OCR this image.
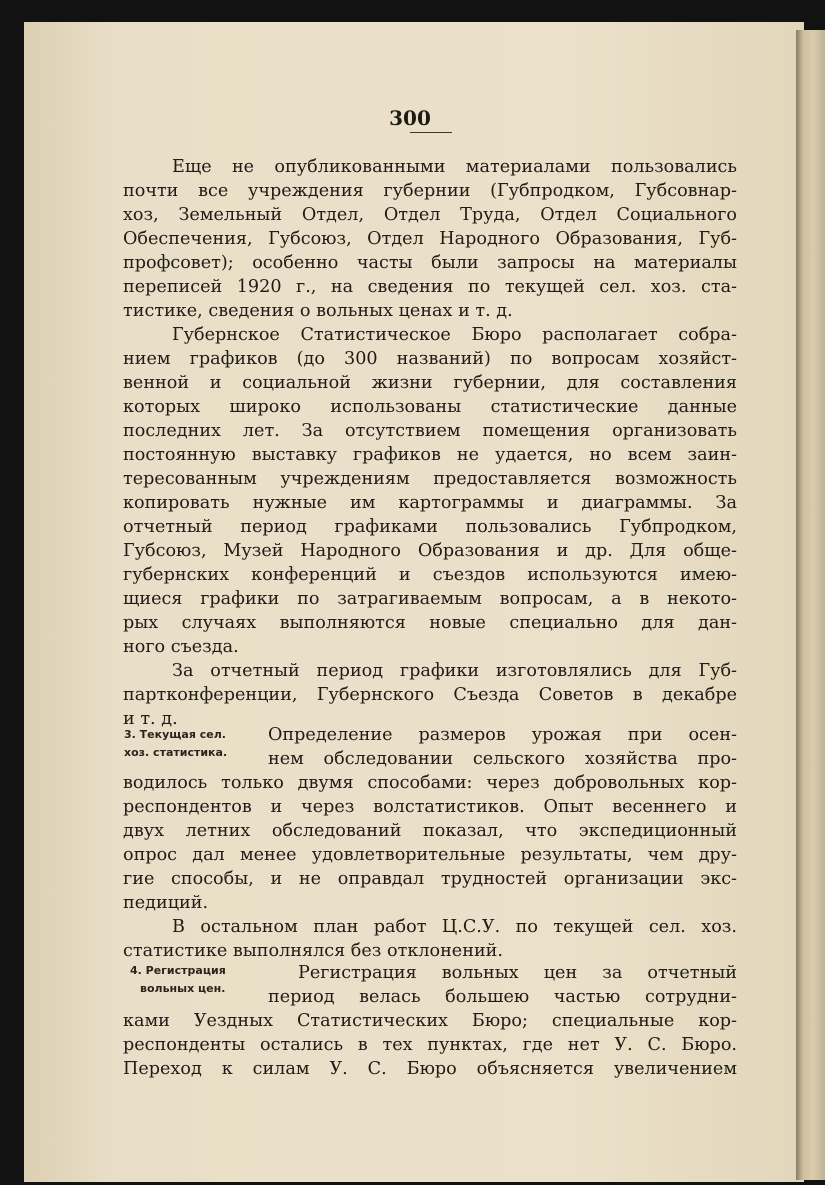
300
Еще не опубликованными материалами пользовались
почти все учреждения губернии (Губпродком, Губсовнар-
хоз, Земельный Отдел, Отдел Труда, Отдел Социального
Обеспечения, Губсоюз, Отдел Народного Образования, Губ-
профсовет); особенно часты были запросы на материалы
переписей 1920 г., на сведения по текущей сел. хоз. ста-
тистике, сведения о вольных ценах и т. д.
Губернское Статистическое Бюро располагает собра-
нием графиков (до 300 названий) по вопросам хозяйст-
венной и социальной жизни губернии, для составления
которых широко использованы статистические данные
последних лет. За отсутствием помещения организовать
постоянную выставку графиков не удается, но всем заин-
тересованным учреждениям предоставляется возможность
копировать нужные им картограммы и диаграммы. За
отчетный период графиками пользовались Губпродком,
Губсоюз, Музей Народного Образования и др. Для обще-
губернских конференций и съездов используются имею-
щиеся графики по затрагиваемым вопросам, а в некото-
рых случаях выполняются новые специально для дан-
ного съезда.
За отчетный период графики изготовлялись для Губ-
партконференции, Губернского Съезда Советов в декабре
и т. д.
3. Текущая сел.
хоз. статистика.
Определение размеров урожая при осен-
нем обследовании сельского хозяйства про-
водилось только двумя способами: через добровольных кор-
респондентов и через волстатистиков. Опыт весеннего и
двух летних обследований показал, что экспедиционный
опрос дал менее удовлетворительные результаты, чем дру-
гие способы, и не оправдал трудностей организации экс-
педиций.
В остальном план работ Ц.С.У. по текущей сел. хоз.
статистике выполнялся без отклонений.
4. Регистрация
вольных цен.
Регистрация вольных цен за отчетный
период велась большею частью сотрудни-
ками Уездных Статистических Бюро; специальные кор-
респонденты остались в тех пунктах, где нет У. С. Бюро.
Переход к силам У. С. Бюро объясняется увеличением
